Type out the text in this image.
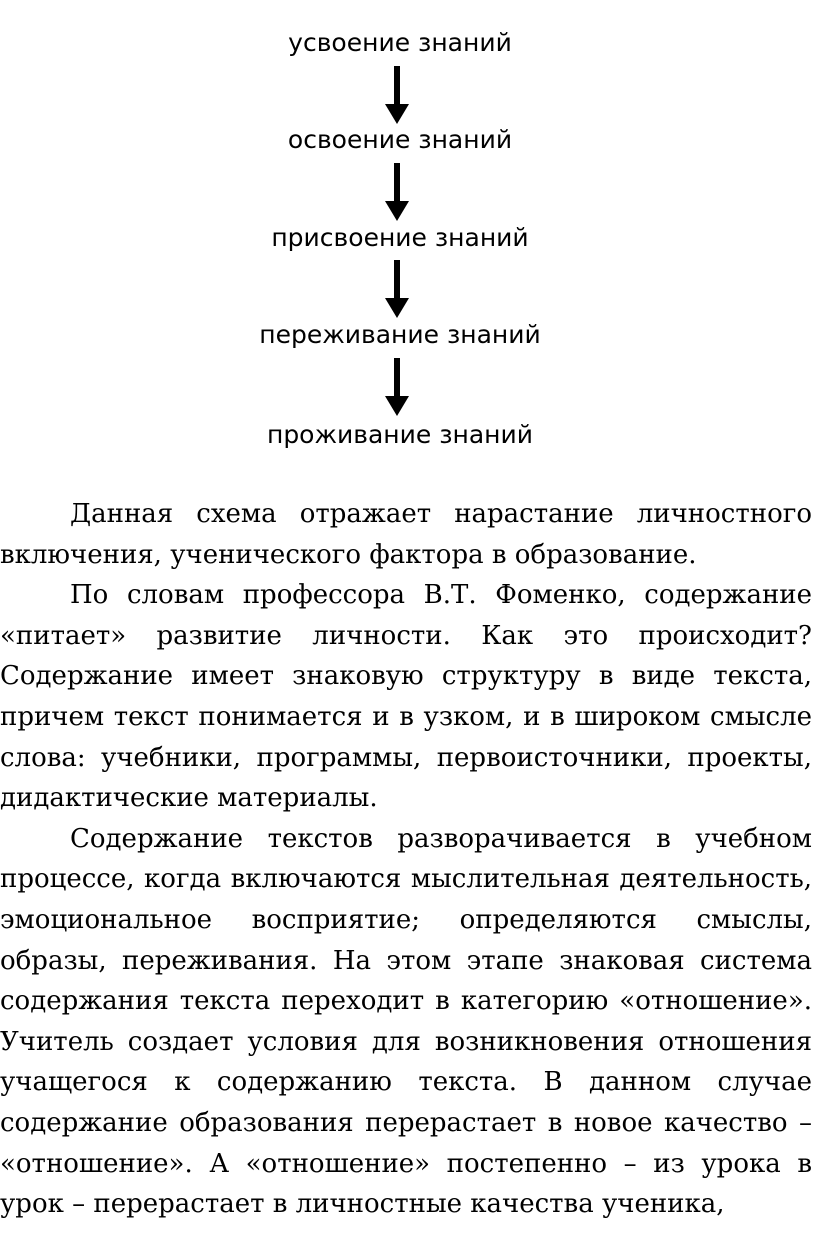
усвоение знаний
освоение знаний
присвоение знаний
переживание знаний
проживание знаний

Данная схема отражает нарастание личностного включения, ученического фактора в образование.

По словам профессора В.Т. Фоменко, содержание «питает» развитие личности. Как это происходит? Содержание имеет знаковую структуру в виде текста, причем текст понимается и в узком, и в широком смысле слова: учебники, программы, первоисточники, проекты, дидактические материалы.

Содержание текстов разворачивается в учебном процессе, когда включаются мыслительная деятельность, эмоциональное восприятие; определяются смыслы, образы, переживания. На этом этапе знаковая система содержания текста переходит в категорию «отношение». Учитель создает условия для возникновения отношения учащегося к содержанию текста. В данном случае содержание образования перерастает в новое качество – «отношение». А «отношение» постепенно – из урока в урок – перерастает в личностные качества ученика,
